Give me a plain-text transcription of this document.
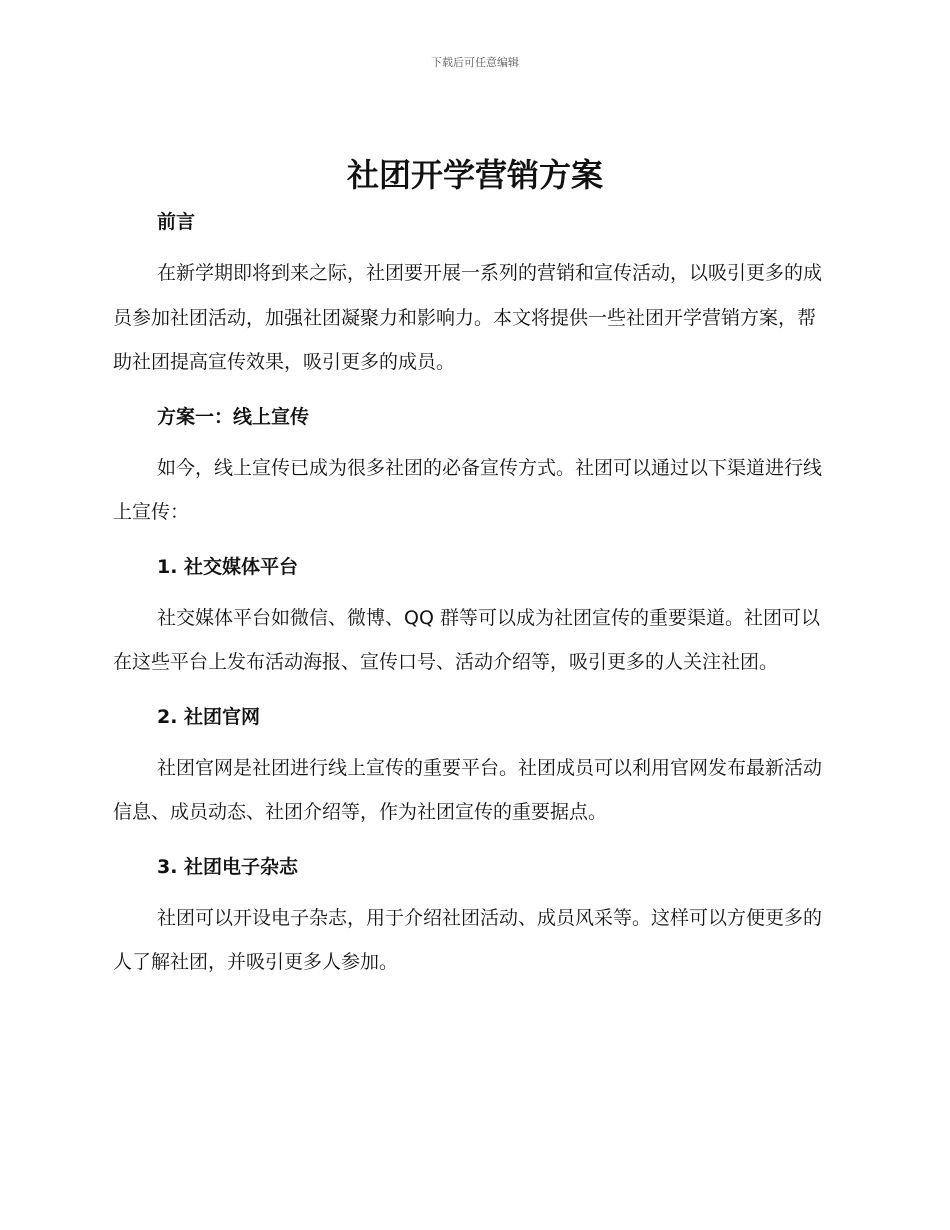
下载后可任意编辑
社团开学营销方案
前言

在新学期即将到来之际，社团要开展一系列的营销和宣传活动，以吸引更多的成员参加社团活动，加强社团凝聚力和影响力。本文将提供一些社团开学营销方案，帮助社团提高宣传效果，吸引更多的成员。

方案一：线上宣传

如今，线上宣传已成为很多社团的必备宣传方式。社团可以通过以下渠道进行线上宣传：

1. 社交媒体平台

社交媒体平台如微信、微博、QQ 群等可以成为社团宣传的重要渠道。社团可以在这些平台上发布活动海报、宣传口号、活动介绍等，吸引更多的人关注社团。

2. 社团官网

社团官网是社团进行线上宣传的重要平台。社团成员可以利用官网发布最新活动信息、成员动态、社团介绍等，作为社团宣传的重要据点。

3. 社团电子杂志

社团可以开设电子杂志，用于介绍社团活动、成员风采等。这样可以方便更多的人了解社团，并吸引更多人参加。
